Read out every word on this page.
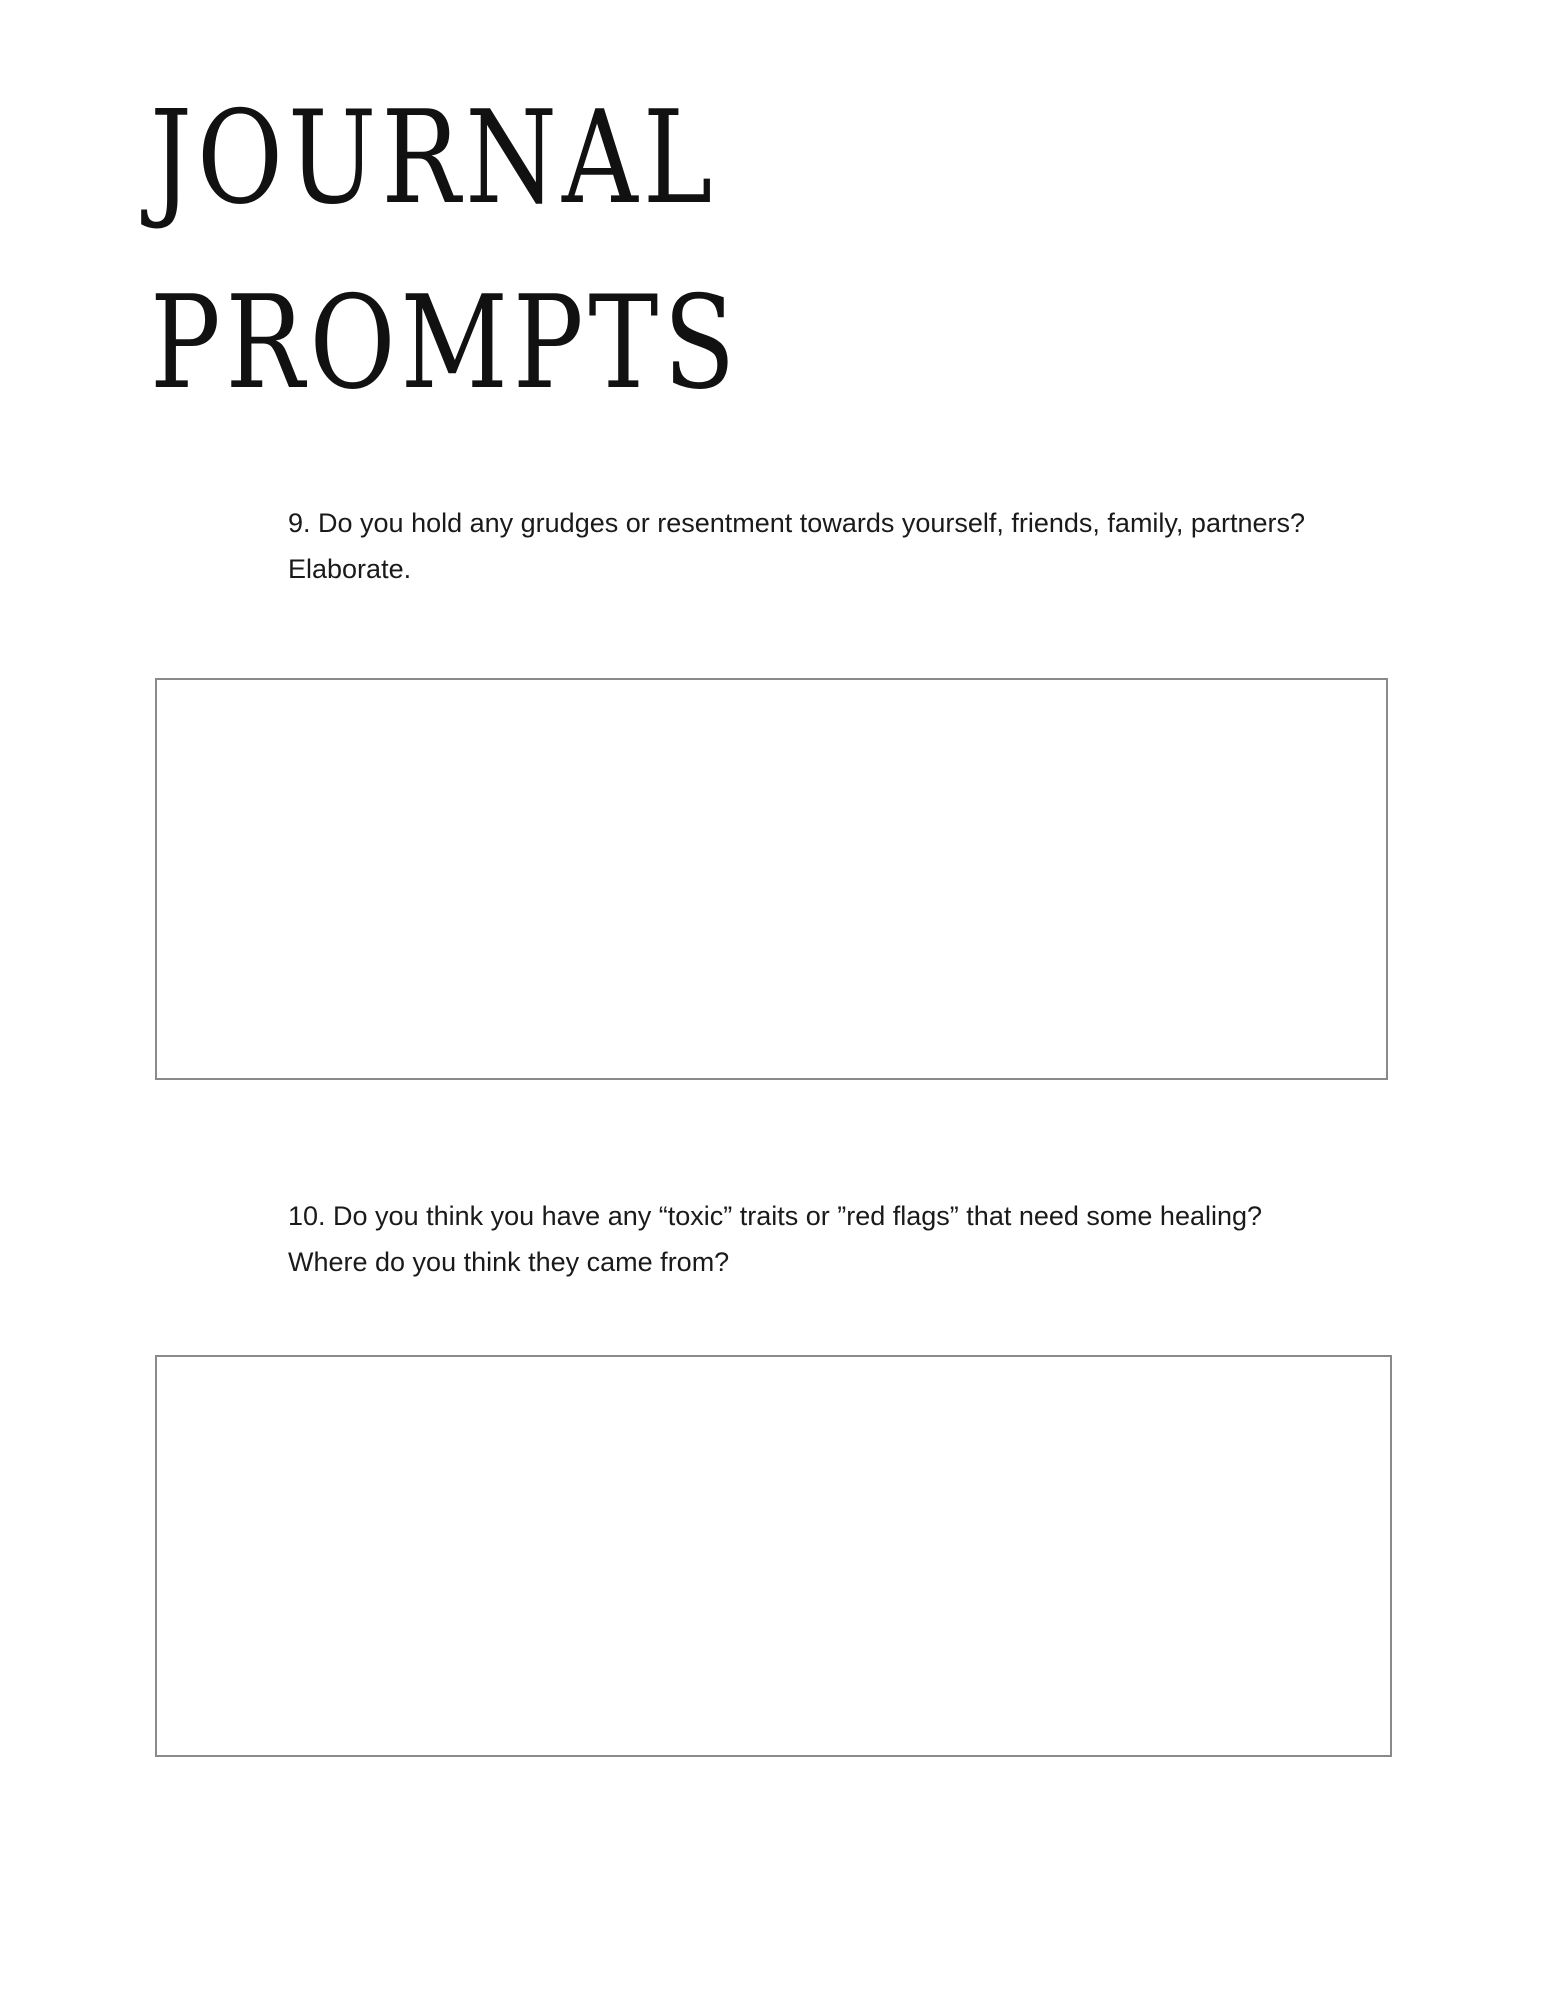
JOURNAL
PROMPTS

9. Do you hold any grudges or resentment towards yourself, friends, family, partners? Elaborate.

10. Do you think you have any “toxic” traits or ”red flags” that need some healing? Where do you think they came from?
